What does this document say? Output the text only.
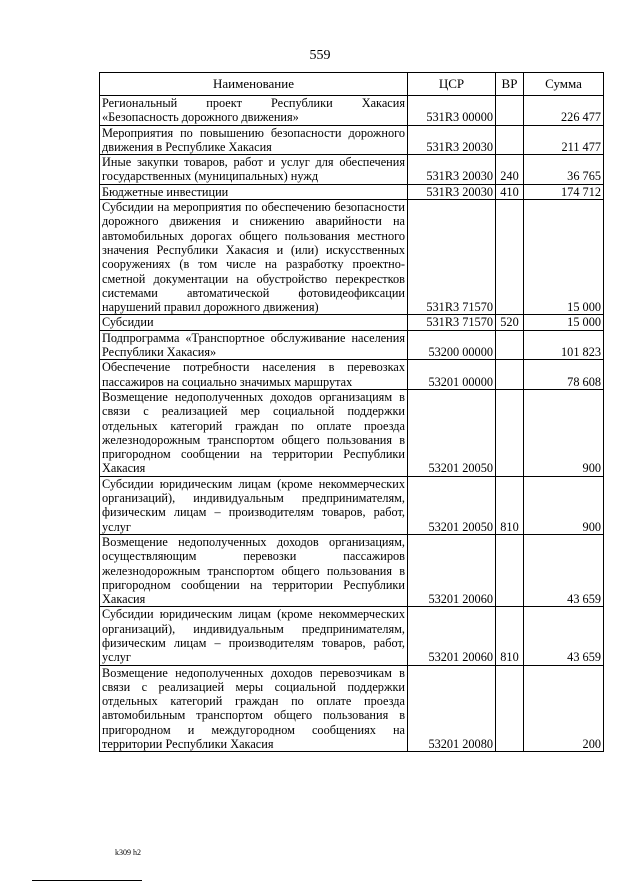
559
Наименование	ЦСР	ВР	Сумма
Региональный проект Республики Хакасия «Безопасность дорожного движения»	531R3 00000		226 477
Мероприятия по повышению безопасности дорожного движения в Республике Хакасия	531R3 20030		211 477
Иные закупки товаров, работ и услуг для обеспечения государственных (муниципальных) нужд	531R3 20030	240	36 765
Бюджетные инвестиции	531R3 20030	410	174 712
Субсидии на мероприятия по обеспечению безопасности дорожного движения и снижению аварийности на автомобильных дорогах общего пользования местного значения Республики Хакасия и (или) искусственных сооружениях (в том числе на разработку проектно-сметной документации на обустройство перекрестков системами автоматической фотовидеофиксации нарушений правил дорожного движения)	531R3 71570		15 000
Субсидии	531R3 71570	520	15 000
Подпрограмма «Транспортное обслуживание населения Республики Хакасия»	53200 00000		101 823
Обеспечение потребности населения в перевозках пассажиров на социально значимых маршрутах	53201 00000		78 608
Возмещение недополученных доходов организациям в связи с реализацией мер социальной поддержки отдельных категорий граждан по оплате проезда железнодорожным транспортом общего пользования в пригородном сообщении на территории Республики Хакасия	53201 20050		900
Субсидии юридическим лицам (кроме некоммерческих организаций), индивидуальным предпринимателям, физическим лицам – производителям товаров, работ, услуг	53201 20050	810	900
Возмещение недополученных доходов организациям, осуществляющим перевозки пассажиров железнодорожным транспортом общего пользования в пригородном сообщении на территории Республики Хакасия	53201 20060		43 659
Субсидии юридическим лицам (кроме некоммерческих организаций), индивидуальным предпринимателям, физическим лицам – производителям товаров, работ, услуг	53201 20060	810	43 659
Возмещение недополученных доходов перевозчикам в связи с реализацией меры социальной поддержки отдельных категорий граждан по оплате проезда автомобильным транспортом общего пользования в пригородном и междугородном сообщениях на территории Республики Хакасия	53201 20080		200
k309 h2
